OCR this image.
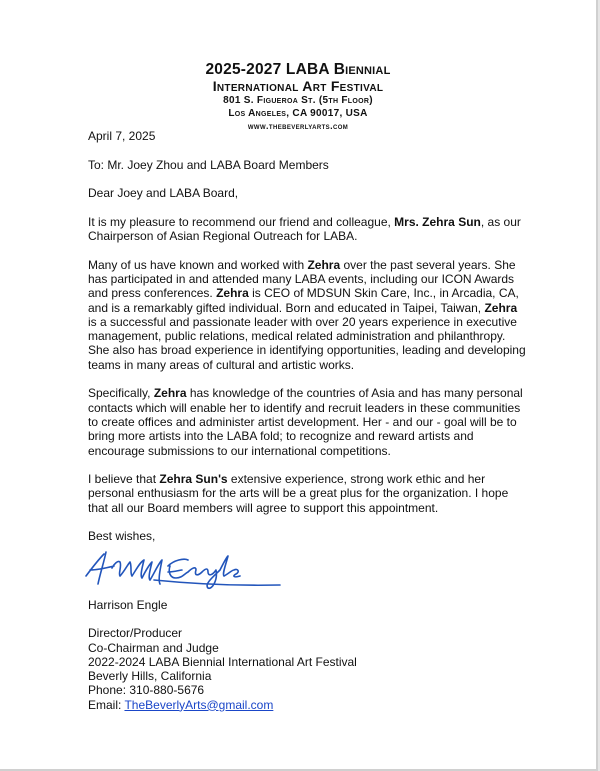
2025-2027 LABA Biennial
International Art Festival
801 S. Figueroa St. (5th Floor)
Los Angeles, CA 90017, USA
www.thebeverlyarts.com

April 7, 2025

To: Mr. Joey Zhou and LABA Board Members

Dear Joey and LABA Board,

It is my pleasure to recommend our friend and colleague, Mrs. Zehra Sun, as our Chairperson of Asian Regional Outreach for LABA.

Many of us have known and worked with Zehra over the past several years. She has participated in and attended many LABA events, including our ICON Awards and press conferences. Zehra is CEO of MDSUN Skin Care, Inc., in Arcadia, CA, and is a remarkably gifted individual. Born and educated in Taipei, Taiwan, Zehra is a successful and passionate leader with over 20 years experience in executive management, public relations, medical related administration and philanthropy. She also has broad experience in identifying opportunities, leading and developing teams in many areas of cultural and artistic works.

Specifically, Zehra has knowledge of the countries of Asia and has many personal contacts which will enable her to identify and recruit leaders in these communities to create offices and administer artist development. Her - and our - goal will be to bring more artists into the LABA fold; to recognize and reward artists and encourage submissions to our international competitions.

I believe that Zehra Sun's extensive experience, strong work ethic and her personal enthusiasm for the arts will be a great plus for the organization. I hope that all our Board members will agree to support this appointment.

Best wishes,
Harrison Engle
Director/Producer
Co-Chairman and Judge
2022-2024 LABA Biennial International Art Festival
Beverly Hills, California
Phone: 310-880-5676
Email: TheBeverlyArts@gmail.com
